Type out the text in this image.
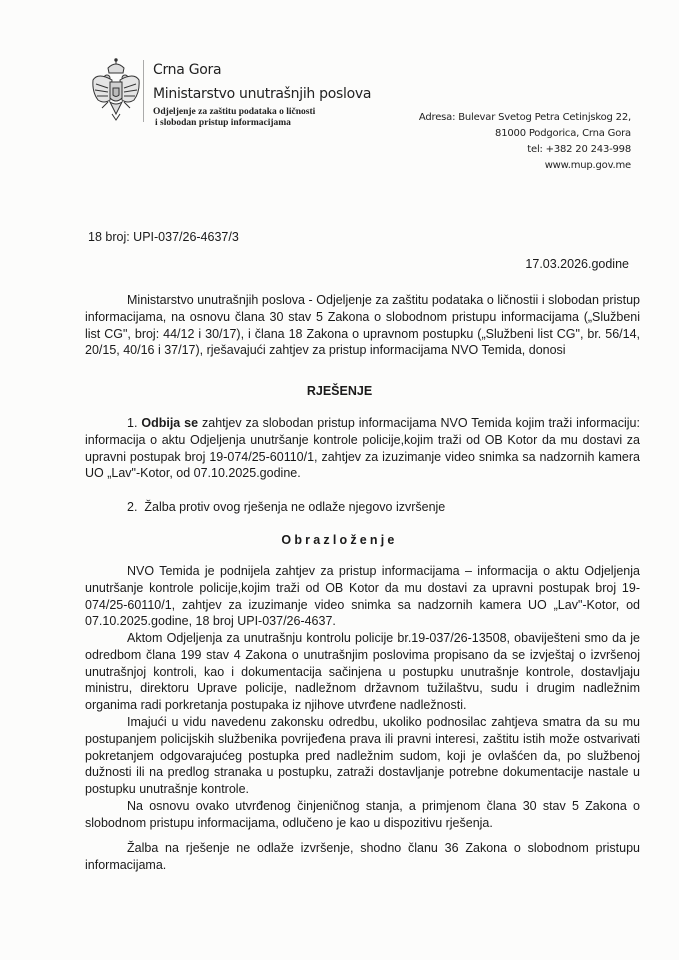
Crna Gora
Ministarstvo unutrašnjih poslova
Odjeljenje za zaštitu podataka o ličnosti
i slobodan pristup informacijama	Adresa: Bulevar Svetog Petra Cetinjskog 22,
81000 Podgorica, Crna Gora
tel: +382 20 243-998
www.mup.gov.me
18 broj: UPI-037/26-4637/3
17.03.2026.godine
Ministarstvo unutrašnjih poslova - Odjeljenje za zaštitu podataka o ličnostii i slobodan pristup informacijama, na osnovu člana 30 stav 5 Zakona o slobodnom pristupu informacijama („Službeni list CG", broj: 44/12 i 30/17), i člana 18 Zakona o upravnom postupku („Službeni list CG", br. 56/14, 20/15, 40/16 i 37/17), rješavajući zahtjev za pristup informacijama NVO Temida, donosi
RJEŠENJE
1. Odbija se zahtjev za slobodan pristup informacijama NVO Temida kojim traži informaciju: informacija o aktu Odjeljenja unutršanje kontrole policije,kojim traži od OB Kotor da mu dostavi za upravni postupak broj 19-074/25-60110/1, zahtjev za izuzimanje video snimka sa nadzornih kamera UO „Lav"-Kotor, od 07.10.2025.godine.
2. Žalba protiv ovog rješenja ne odlaže njegovo izvršenje
Obrazloženje
NVO Temida je podnijela zahtjev za pristup informacijama – informacija o aktu Odjeljenja unutršanje kontrole policije,kojim traži od OB Kotor da mu dostavi za upravni postupak broj 19-074/25-60110/1, zahtjev za izuzimanje video snimka sa nadzornih kamera UO „Lav"-Kotor, od 07.10.2025.godine, 18 broj UPI-037/26-4637.
Aktom Odjeljenja za unutrašnju kontrolu policije br.19-037/26-13508, obaviješteni smo da je odredbom člana 199 stav 4 Zakona o unutrašnjim poslovima propisano da se izvještaj o izvršenoj unutrašnjoj kontroli, kao i dokumentacija sačinjena u postupku unutrašnje kontrole, dostavljaju ministru, direktoru Uprave policije, nadležnom državnom tužilaštvu, sudu i drugim nadležnim organima radi porkretanja postupaka iz njihove utvrđene nadležnosti.
Imajući u vidu navedenu zakonsku odredbu, ukoliko podnosilac zahtjeva smatra da su mu postupanjem policijskih službenika povrijeđena prava ili pravni interesi, zaštitu istih može ostvarivati pokretanjem odgovarajućeg postupka pred nadležnim sudom, koji je ovlašćen da, po službenoj dužnosti ili na predlog stranaka u postupku, zatraži dostavljanje potrebne dokumentacije nastale u postupku unutrašnje kontrole.
Na osnovu ovako utvrđenog činjeničnog stanja, a primjenom člana 30 stav 5 Zakona o slobodnom pristupu informacijama, odlučeno je kao u dispozitivu rješenja.
Žalba na rješenje ne odlaže izvršenje, shodno članu 36 Zakona o slobodnom pristupu informacijama.
